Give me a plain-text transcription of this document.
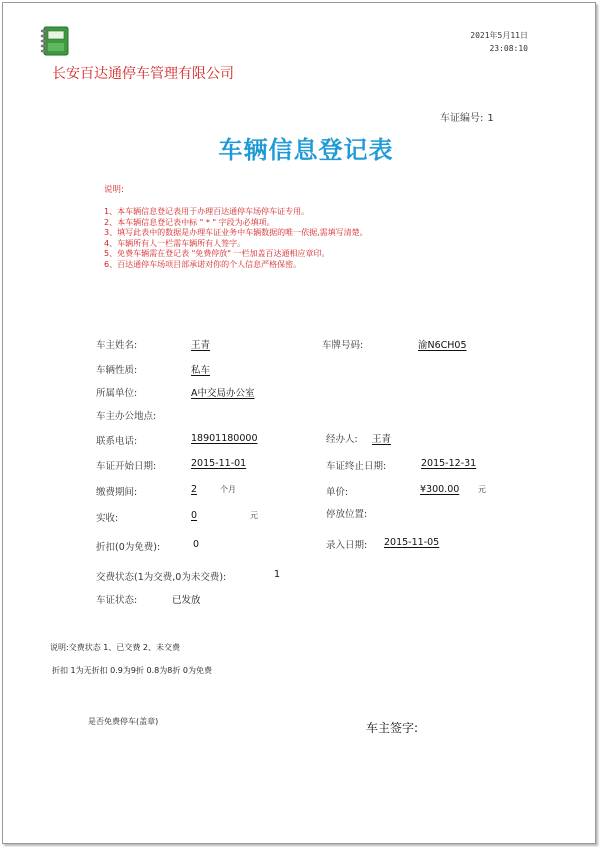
2021年5月11日
23:08:10
长安百达通停车管理有限公司
车证编号: 1
车辆信息登记表
说明:
1、本车辆信息登记表用于办理百达通停车场停车证专用。
2、本车辆信息登记表中标 " * " 字段为必填项。
3、填写此表中的数据是办理车证业务中车辆数据的唯一依据,需填写清楚。
4、车辆所有人一栏需车辆所有人签字。
5、免费车辆需在登记表 "免费停放" 一栏加盖百达通相应章印。
6、百达通停车场项目部承诺对你的个人信息严格保密。
车主姓名:	王青	车牌号码:	渝N6CH05
车辆性质:	私车
所属单位:	A中交局办公室
车主办公地点:
联系电话:	18901180000	经办人: 王青
车证开始日期:	2015-11-01	车证终止日期:	2015-12-31
缴费期间:	2	个月	单价:	¥300.00 元
实收:	0	元	停放位置:
折扣(0为免费):	0	录入日期: 2015-11-05
交费状态(1为交费,0为未交费):	1
车证状态:	已发放
说明:交费状态 1、已交费 2、未交费
折扣 1为无折扣 0.9为9折 0.8为8折 0为免费
是否免费停车(盖章)	车主签字:
